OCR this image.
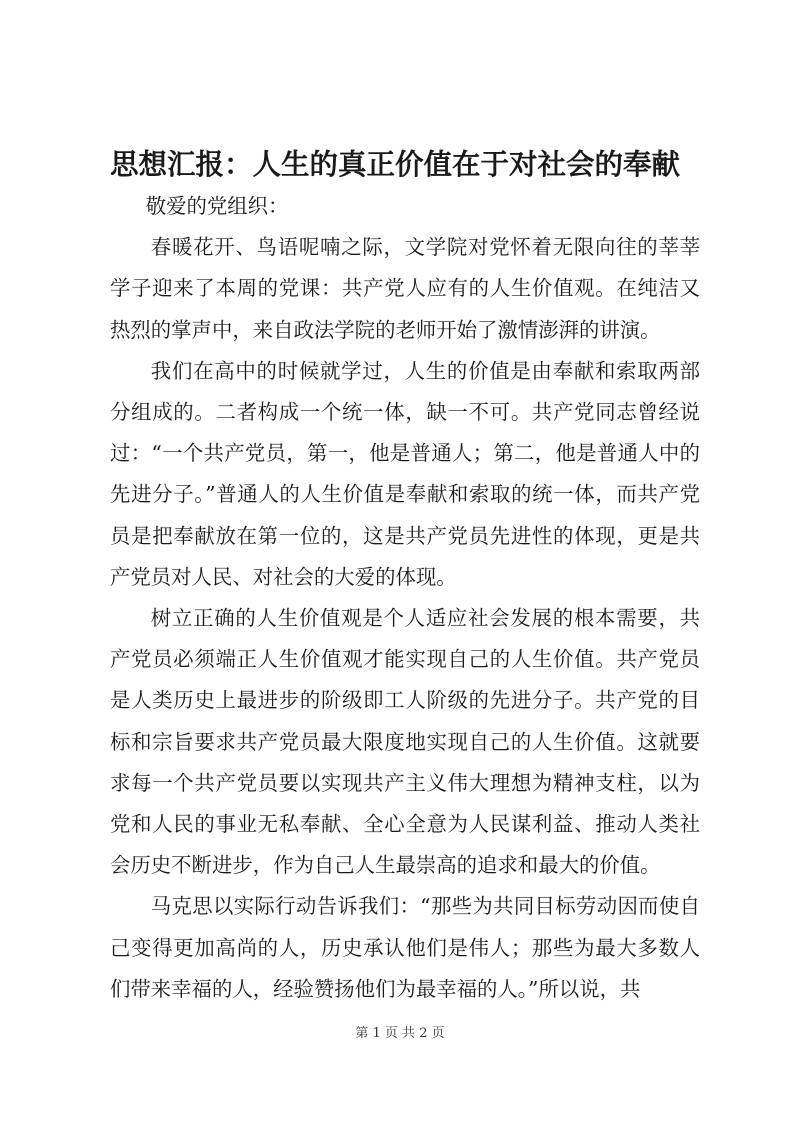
思想汇报：人生的真正价值在于对社会的奉献

敬爱的党组织：

春暖花开、鸟语呢喃之际，文学院对党怀着无限向往的莘莘学子迎来了本周的党课：共产党人应有的人生价值观。在纯洁又热烈的掌声中，来自政法学院的老师开始了激情澎湃的讲演。

我们在高中的时候就学过，人生的价值是由奉献和索取两部分组成的。二者构成一个统一体，缺一不可。共产党同志曾经说过：“一个共产党员，第一，他是普通人；第二，他是普通人中的先进分子。”普通人的人生价值是奉献和索取的统一体，而共产党员是把奉献放在第一位的，这是共产党员先进性的体现，更是共产党员对人民、对社会的大爱的体现。

树立正确的人生价值观是个人适应社会发展的根本需要，共产党员必须端正人生价值观才能实现自己的人生价值。共产党员是人类历史上最进步的阶级即工人阶级的先进分子。共产党的目标和宗旨要求共产党员最大限度地实现自己的人生价值。这就要求每一个共产党员要以实现共产主义伟大理想为精神支柱，以为党和人民的事业无私奉献、全心全意为人民谋利益、推动人类社会历史不断进步，作为自己人生最崇高的追求和最大的价值。

马克思以实际行动告诉我们：“那些为共同目标劳动因而使自己变得更加高尚的人，历史承认他们是伟人；那些为最大多数人们带来幸福的人，经验赞扬他们为最幸福的人。”所以说，共

第 1 页 共 2 页
